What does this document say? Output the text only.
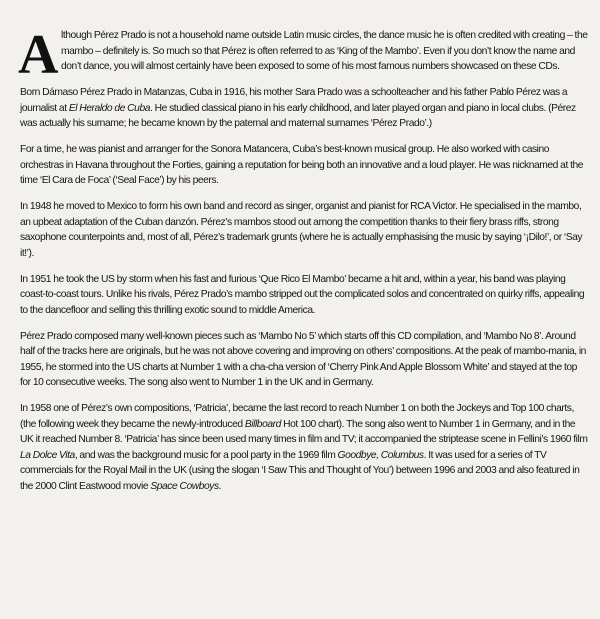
Although Pérez Prado is not a household name outside Latin music circles, the dance music he is often credited with creating – the mambo – definitely is. So much so that Pérez is often referred to as ‘King of the Mambo’. Even if you don’t know the name and don’t dance, you will almost certainly have been exposed to some of his most famous numbers showcased on these CDs.

Born Dámaso Pérez Prado in Matanzas, Cuba in 1916, his mother Sara Prado was a schoolteacher and his father Pablo Pérez was a journalist at El Heraldo de Cuba. He studied classical piano in his early childhood, and later played organ and piano in local clubs. (Pérez was actually his surname; he became known by the paternal and maternal surnames ‘Pérez Prado’.)

For a time, he was pianist and arranger for the Sonora Matancera, Cuba’s best-known musical group. He also worked with casino orchestras in Havana throughout the Forties, gaining a reputation for being both an innovative and a loud player. He was nicknamed at the time ‘El Cara de Foca’ (‘Seal Face’) by his peers.

In 1948 he moved to Mexico to form his own band and record as singer, organist and pianist for RCA Victor. He specialised in the mambo, an upbeat adaptation of the Cuban danzón. Pérez’s mambos stood out among the competition thanks to their fiery brass riffs, strong saxophone counterpoints and, most of all, Pérez’s trademark grunts (where he is actually emphasising the music by saying ‘¡Dilo!’, or ‘Say it!’).

In 1951 he took the US by storm when his fast and furious ‘Que Rico El Mambo’ became a hit and, within a year, his band was playing coast-to-coast tours. Unlike his rivals, Pérez Prado’s mambo stripped out the complicated solos and concentrated on quirky riffs, appealing to the dancefloor and selling this thrilling exotic sound to middle America.

Pérez Prado composed many well-known pieces such as ‘Mambo No 5’ which starts off this CD compilation, and ‘Mambo No 8’. Around half of the tracks here are originals, but he was not above covering and improving on others’ compositions. At the peak of mambo-mania, in 1955, he stormed into the US charts at Number 1 with a cha-cha version of ‘Cherry Pink And Apple Blossom White’ and stayed at the top for 10 consecutive weeks. The song also went to Number 1 in the UK and in Germany.

In 1958 one of Pérez’s own compositions, ‘Patricia’, became the last record to reach Number 1 on both the Jockeys and Top 100 charts, (the following week they became the newly-introduced Billboard Hot 100 chart). The song also went to Number 1 in Germany, and in the UK it reached Number 8. ‘Patricia’ has since been used many times in film and TV; it accompanied the striptease scene in Fellini’s 1960 film La Dolce Vita, and was the background music for a pool party in the 1969 film Goodbye, Columbus. It was used for a series of TV commercials for the Royal Mail in the UK (using the slogan ‘I Saw This and Thought of You’) between 1996 and 2003 and also featured in the 2000 Clint Eastwood movie Space Cowboys.
